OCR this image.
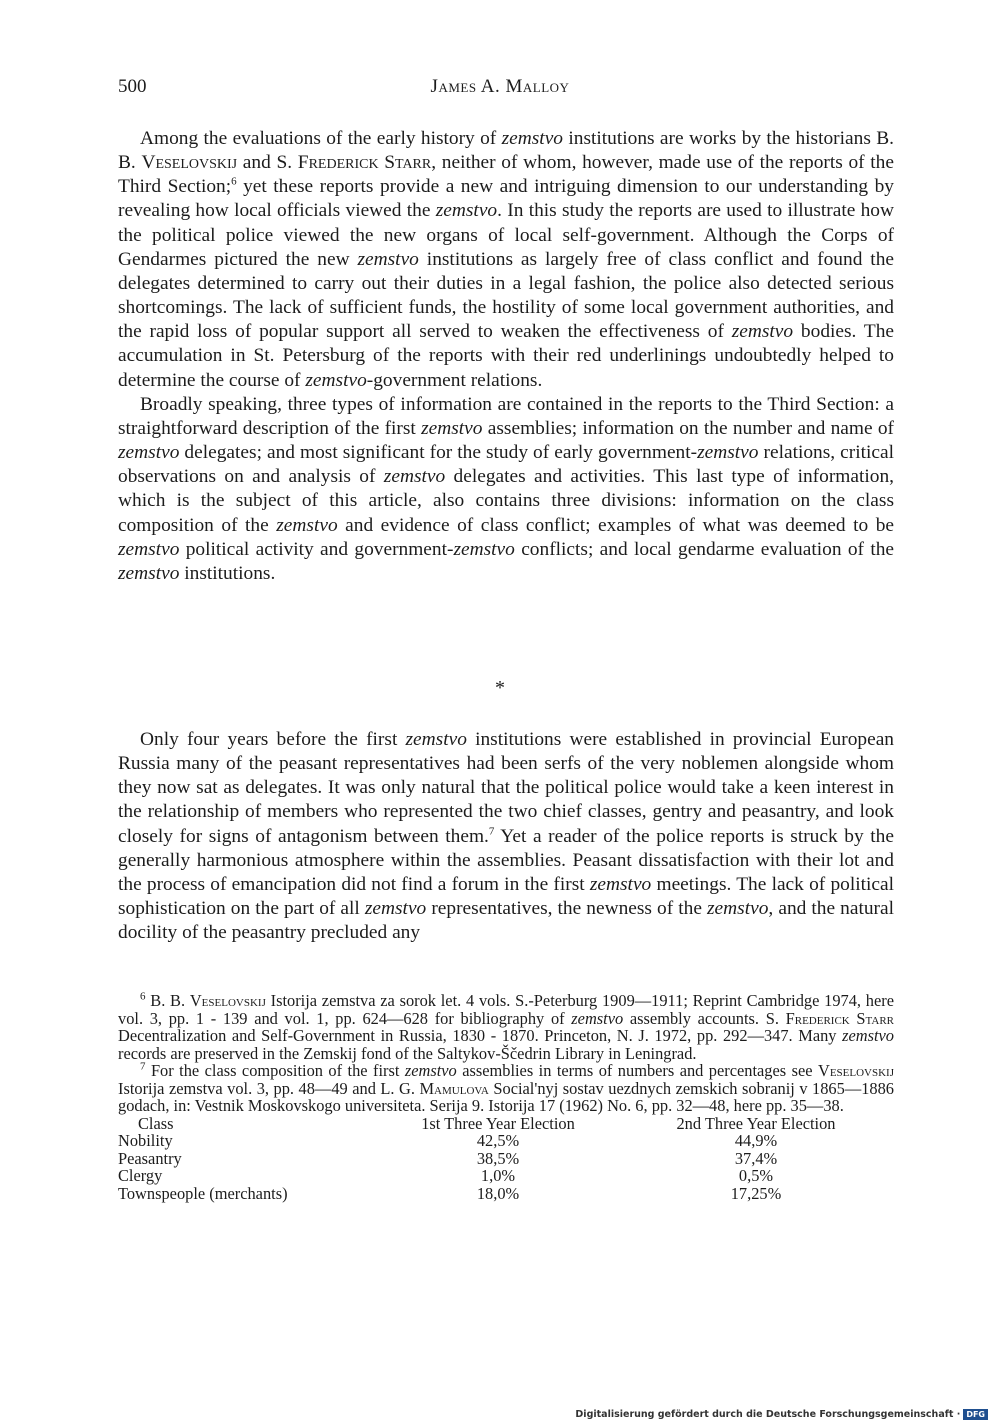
500	James A. Malloy

Among the evaluations of the early history of zemstvo institutions are works by the historians B. B. Veselovskij and S. Frederick Starr, neither of whom, however, made use of the reports of the Third Section;$^6$ yet these reports provide a new and intriguing dimension to our understanding by revealing how local officials viewed the zemstvo. In this study the reports are used to illustrate how the political police viewed the new organs of local self-government. Although the Corps of Gendarmes pictured the new zemstvo institutions as largely free of class conflict and found the delegates determined to carry out their duties in a legal fashion, the police also detected serious shortcomings. The lack of sufficient funds, the hostility of some local government authorities, and the rapid loss of popular support all served to weaken the effectiveness of zemstvo bodies. The accumulation in St. Petersburg of the reports with their red underlinings undoubtedly helped to determine the course of zemstvo-government relations.

Broadly speaking, three types of information are contained in the reports to the Third Section: a straightforward description of the first zemstvo assemblies; information on the number and name of zemstvo delegates; and most significant for the study of early government-zemstvo relations, critical observations on and analysis of zemstvo delegates and activities. This last type of information, which is the subject of this article, also contains three divisions: information on the class composition of the zemstvo and evidence of class conflict; examples of what was deemed to be zemstvo political activity and government-zemstvo conflicts; and local gendarme evaluation of the zemstvo institutions.

*

Only four years before the first zemstvo institutions were established in provincial European Russia many of the peasant representatives had been serfs of the very noblemen alongside whom they now sat as delegates. It was only natural that the political police would take a keen interest in the relationship of members who represented the two chief classes, gentry and peasantry, and look closely for signs of antagonism between them.$^7$ Yet a reader of the police reports is struck by the generally harmonious atmosphere within the assemblies. Peasant dissatisfaction with their lot and the process of emancipation did not find a forum in the first zemstvo meetings. The lack of political sophistication on the part of all zemstvo representatives, the newness of the zemstvo, and the natural docility of the peasantry precluded any

$^6$ B. B. Veselovskij Istorija zemstva za sorok let. 4 vols. S.-Peterburg 1909—1911; Reprint Cambridge 1974, here vol. 3, pp. 1 - 139 and vol. 1, pp. 624—628 for bibliography of zemstvo assembly accounts. S. Frederick Starr Decentralization and Self-Government in Russia, 1830 - 1870. Princeton, N. J. 1972, pp. 292—347. Many zemstvo records are preserved in the Zemskij fond of the Saltykov-Ščedrin Library in Leningrad.

$^7$ For the class composition of the first zemstvo assemblies in terms of numbers and percentages see Veselovskij Istorija zemstva vol. 3, pp. 48—49 and L. G. Mamulova Social'nyj sostav uezdnych zemskich sobranij v 1865—1886 godach, in: Vestnik Moskovskogo universiteta. Serija 9. Istorija 17 (1962) No. 6, pp. 32—48, here pp. 35—38.

Class	1st Three Year Election	2nd Three Year Election
Nobility	42,5%	44,9%
Peasantry	38,5%	37,4%
Clergy	1,0%	0,5%
Townspeople (merchants)	18,0%	17,25%
Digitalisierung gefördert durch die Deutsche Forschungsgemeinschaft · DFG
